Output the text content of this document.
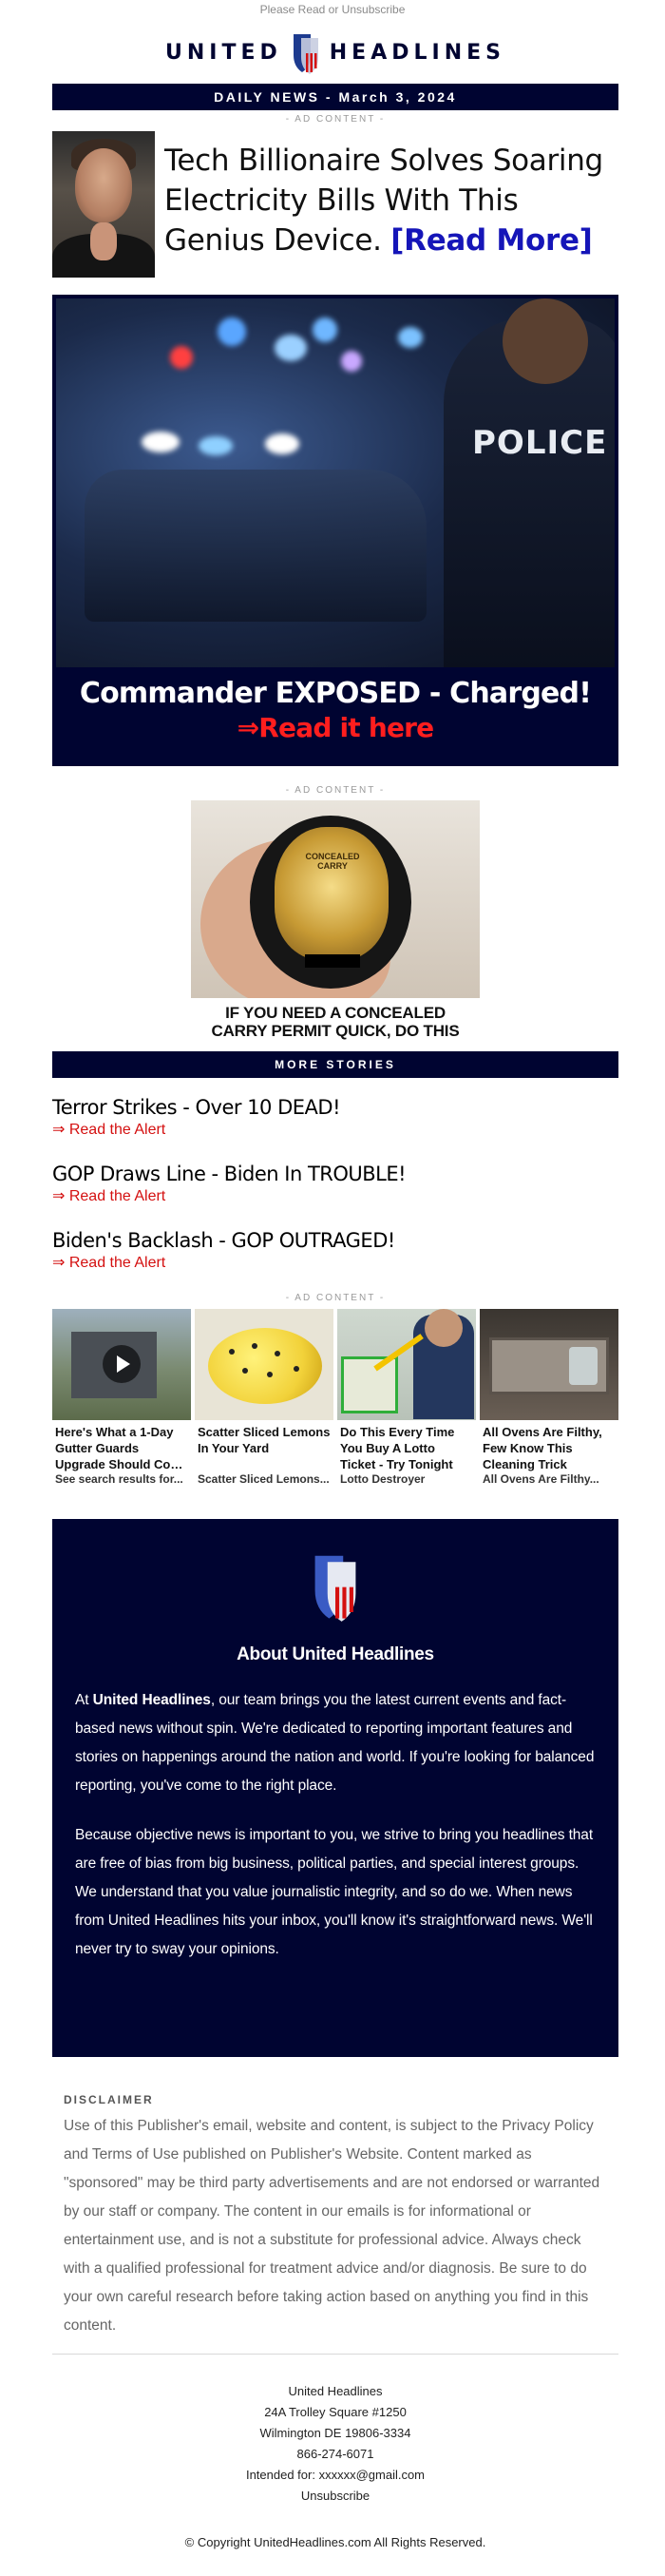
Please Read or Unsubscribe
UNITED HEADLINES
DAILY NEWS - March 3, 2024
- AD CONTENT -
Tech Billionaire Solves Soaring Electricity Bills With This Genius Device. [Read More]
POLICE
Commander EXPOSED - Charged!
⇒Read it here
- AD CONTENT -
CONCEALED CARRY
IF YOU NEED A CONCEALED
CARRY PERMIT QUICK, DO THIS
MORE STORIES
Terror Strikes - Over 10 DEAD!
⇒ Read the Alert
GOP Draws Line - Biden In TROUBLE!
⇒ Read the Alert
Biden's Backlash - GOP OUTRAGED!
⇒ Read the Alert
- AD CONTENT -
Here's What a 1-Day Gutter Guards Upgrade Should Cost
See search results for...
Scatter Sliced Lemons In Your Yard
Scatter Sliced Lemons...
Do This Every Time You Buy A Lotto Ticket - Try Tonight
Lotto Destroyer
All Ovens Are Filthy, Few Know This Cleaning Trick
All Ovens Are Filthy...
About United Headlines

At United Headlines, our team brings you the latest current events and fact-based news without spin. We're dedicated to reporting important features and stories on happenings around the nation and world. If you're looking for balanced reporting, you've come to the right place.

Because objective news is important to you, we strive to bring you headlines that are free of bias from big business, political parties, and special interest groups. We understand that you value journalistic integrity, and so do we. When news from United Headlines hits your inbox, you'll know it's straightforward news. We'll never try to sway your opinions.

DISCLAIMER
Use of this Publisher's email, website and content, is subject to the Privacy Policy and Terms of Use published on Publisher's Website. Content marked as "sponsored" may be third party advertisements and are not endorsed or warranted by our staff or company. The content in our emails is for informational or entertainment use, and is not a substitute for professional advice. Always check with a qualified professional for treatment advice and/or diagnosis. Be sure to do your own careful research before taking action based on anything you find in this content.
United Headlines
24A Trolley Square #1250
Wilmington DE 19806-3334
866-274-6071
Intended for: xxxxxx@gmail.com
Unsubscribe
© Copyright UnitedHeadlines.com All Rights Reserved.
